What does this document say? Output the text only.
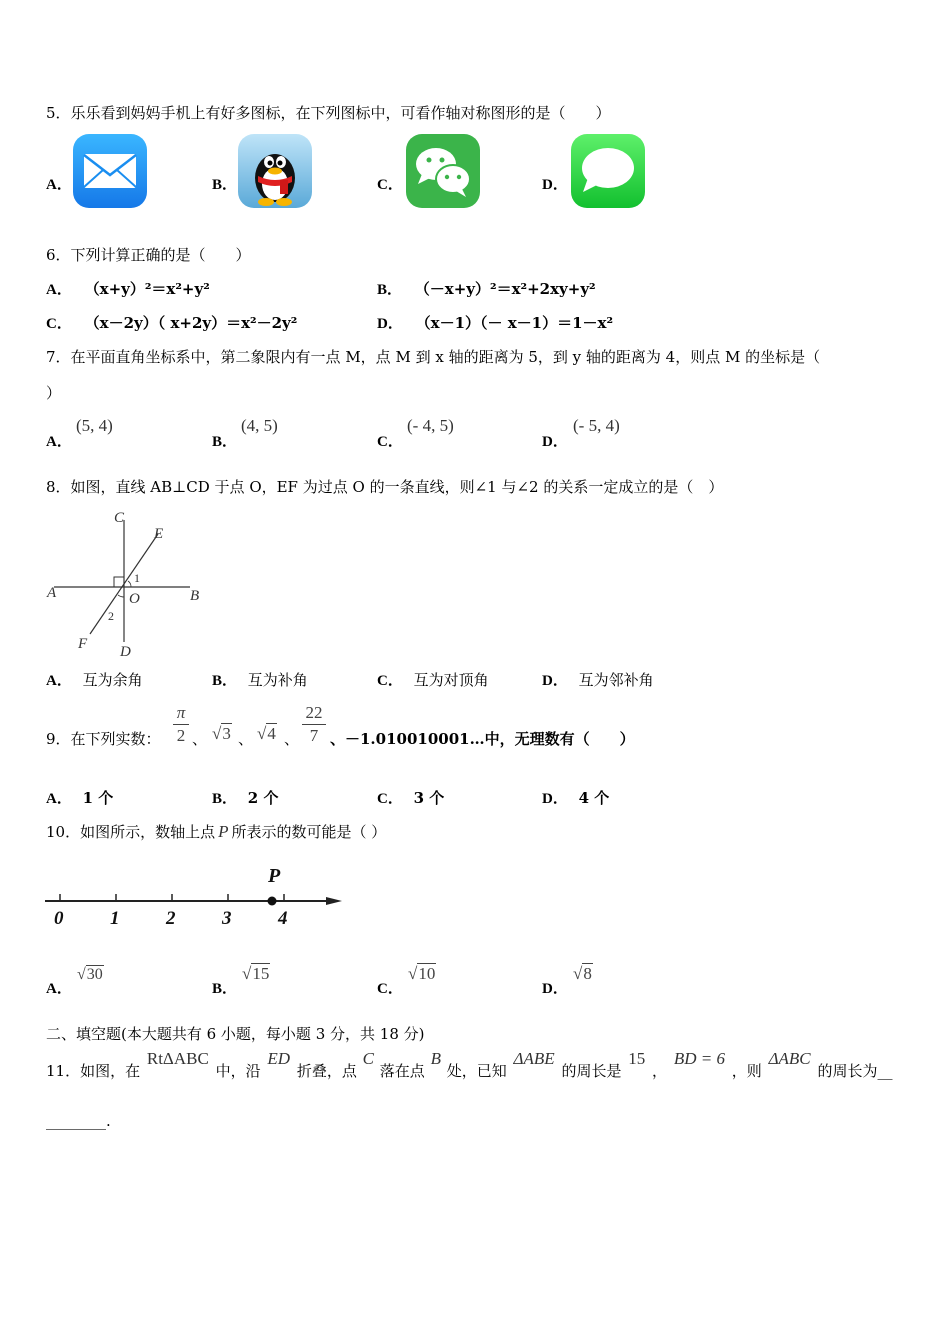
5．乐乐看到妈妈手机上有好多图标，在下列图标中，可看作轴对称图形的是（　　）
A．	B．	C．	D．
6．下列计算正确的是（　　）
A． （x+y）²＝x²+y²	B． （－x+y）²＝x²+2xy+y²
C． （x－2y）（ x+2y）＝x²－2y²	D． （x－1）（－ x－1）＝1－x²
7．在平面直角坐标系中，第二象限内有一点 M，点 M 到 x 轴的距离为 5，到 y 轴的距离为 4，则点 M 的坐标是（
）
A．
(5, 4)
B．
(4, 5)
C．
(- 4, 5)
D．
(- 5, 4)
8．如图，直线 AB⊥CD 于点 O，EF 为过点 O 的一条直线，则∠1 与∠2 的关系一定成立的是（　）
C
E
A	B
O
1
2
F D
A． 互为余角	B． 互为补角	C． 互为对顶角	D． 互为邻补角
9．在下列实数：
π
2 、 √3 、 √4 、
22
7 、－1.010010001…中，无理数有（　　）
A． 1 个	B． 2 个	C． 3 个	D． 4 个
10．如图所示，数轴上点 P 所表示的数可能是（ ）
P
0 1 2 3 4
A．
√30
B．
√15
C．
√10
D．
√8
二、填空题(本大题共有 6 小题，每小题 3 分，共 18 分)
11．如图，在 RtΔABC 中，沿 ED 折叠，点 C 落在点 B 处，已知 ΔABE 的周长是 15 ， BD = 6 ，则 ΔABC 的周长为__
________.
